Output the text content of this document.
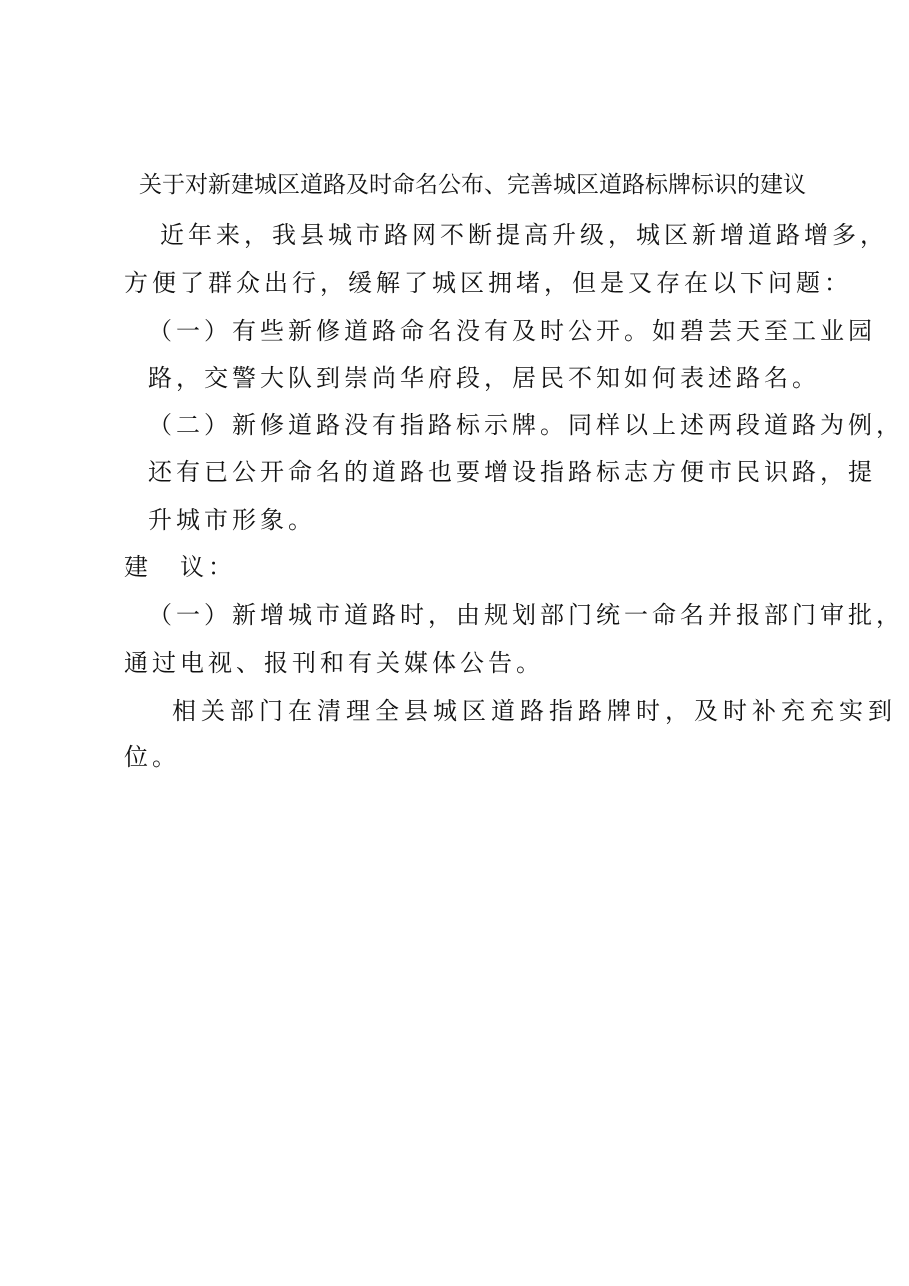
关于对新建城区道路及时命名公布、完善城区道路标牌标识的建议
近年来，我县城市路网不断提高升级，城区新增道路增多，
方便了群众出行，缓解了城区拥堵，但是又存在以下问题：
（一）有些新修道路命名没有及时公开。如碧芸天至工业园
路，交警大队到崇尚华府段，居民不知如何表述路名。
（二）新修道路没有指路标示牌。同样以上述两段道路为例，
还有已公开命名的道路也要增设指路标志方便市民识路，提
升城市形象。
建　议：
（一）新增城市道路时，由规划部门统一命名并报部门审批，
通过电视、报刊和有关媒体公告。
相关部门在清理全县城区道路指路牌时，及时补充充实到
位。
